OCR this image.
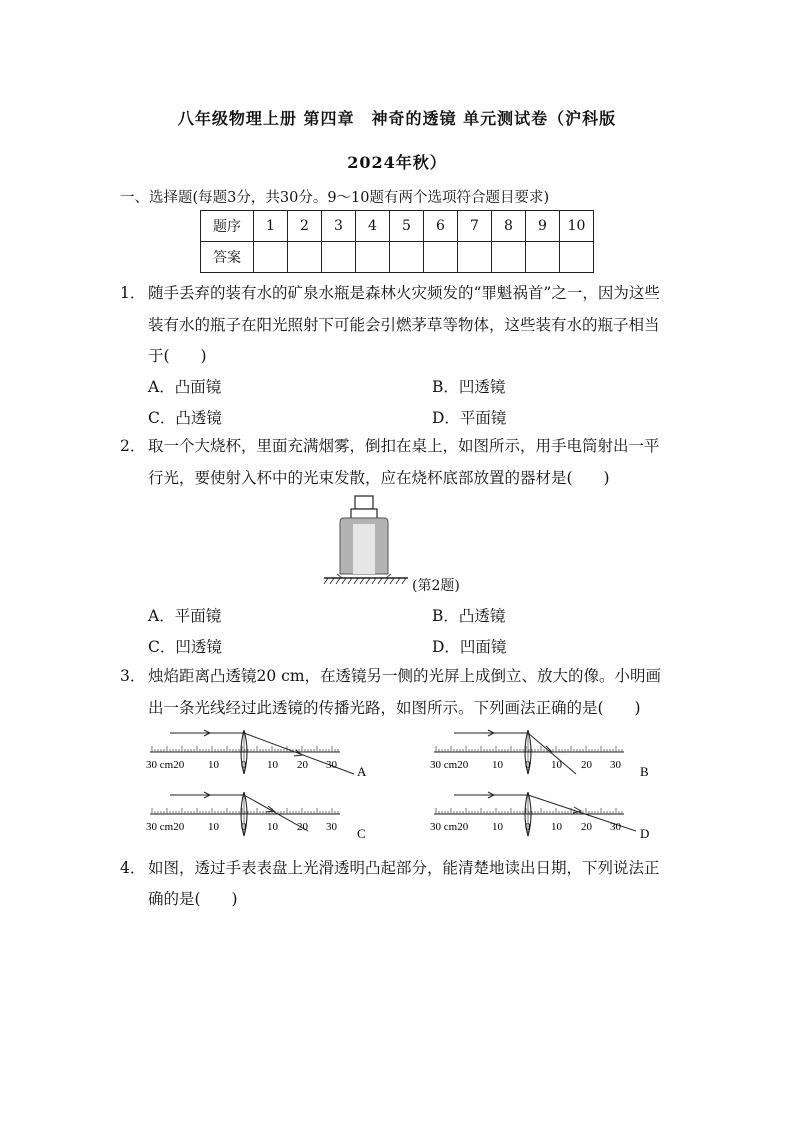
八年级物理上册 第四章　神奇的透镜 单元测试卷（沪科版
2024年秋）
一、选择题(每题3分，共30分。9～10题有两个选项符合题目要求)
题序	1	2	3	4	5	6	7	8	9	10
答案										
1． 随手丢弃的装有水的矿泉水瓶是森林火灾频发的“罪魁祸首”之一，因为这些
装有水的瓶子在阳光照射下可能会引燃茅草等物体，这些装有水的瓶子相当
于(　　)
A．凸面镜	B．凹透镜
C．凸透镜	D．平面镜
2． 取一个大烧杯，里面充满烟雾，倒扣在桌上，如图所示，用手电筒射出一平
行光，要使射入杯中的光束发散，应在烧杯底部放置的器材是(　　)
(第2题)
A．平面镜	B．凸透镜
C．凹透镜	D．凹面镜
3． 烛焰距离凸透镜20 cm，在透镜另一侧的光屏上成倒立、放大的像。小明画
出一条光线经过此透镜的传播光路，如图所示。下列画法正确的是(　　)
30 cm20 10 0 10 20 30 A
30 cm20 10 0 10 20 30 C
30 cm20 10 0 10 20 30 B
30 cm20 10 0 10 20 30 D
4． 如图，透过手表表盘上光滑透明凸起部分，能清楚地读出日期，下列说法正
确的是(　　)
